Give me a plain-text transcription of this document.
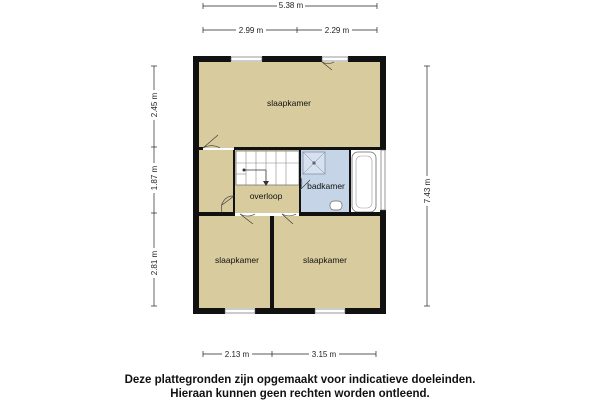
slaapkamer
badkamer
overloop
slaapkamer	slaapkamer
5.38 m
2.99 m	2.29 m
2.45 m
1.87 m
2.81 m
7.43 m
2.13 m	3.15 m
Deze plattegronden zijn opgemaakt voor indicatieve doeleinden.
Hieraan kunnen geen rechten worden ontleend.
